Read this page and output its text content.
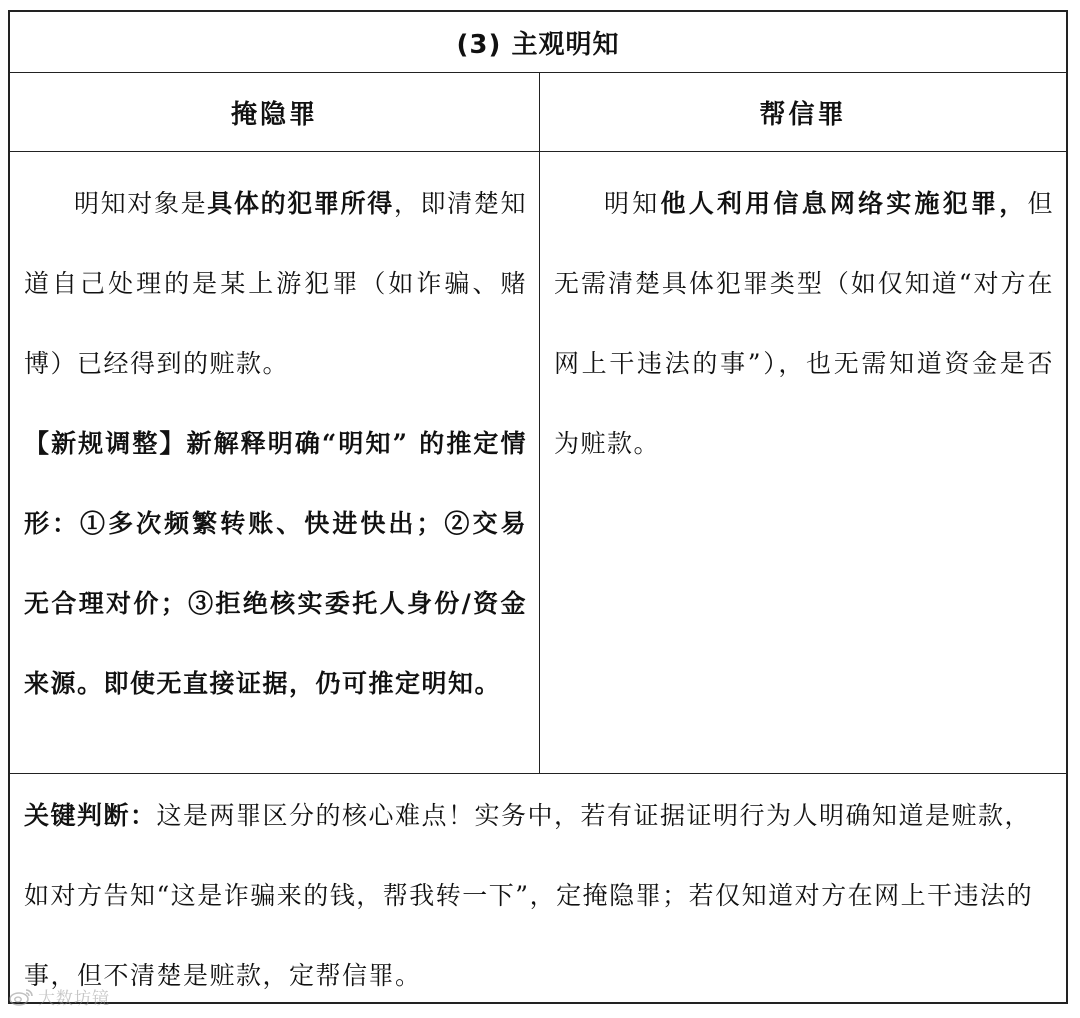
(3) 主观明知
掩隐罪	帮信罪
明知对象是具体的犯罪所得，即清楚知道自己处理的是某上游犯罪（如诈骗、赌博）已经得到的赃款。
【新规调整】新解释明确“明知” 的推定情形：①多次频繁转账、快进快出；②交易无合理对价；③拒绝核实委托人身份/资金来源。即使无直接证据，仍可推定明知。
明知他人利用信息网络实施犯罪，但无需清楚具体犯罪类型（如仅知道“对方在网上干违法的事”），也无需知道资金是否为赃款。
关键判断：这是两罪区分的核心难点！实务中，若有证据证明行为人明确知道是赃款，如对方告知“这是诈骗来的钱，帮我转一下”，定掩隐罪；若仅知道对方在网上干违法的事，但不清楚是赃款，定帮信罪。
大数坊镜
